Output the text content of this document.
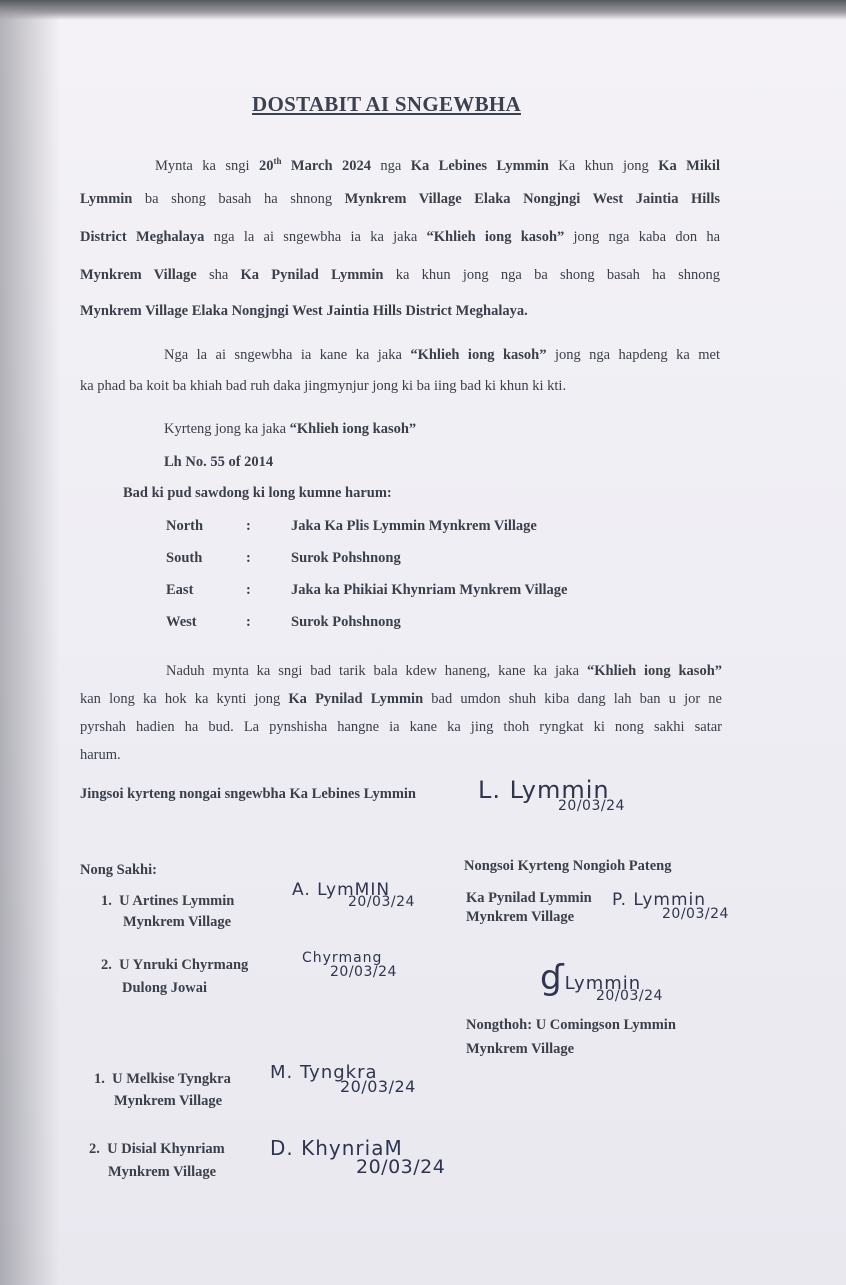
DOSTABIT AI SNGEWBHA
Mynta ka sngi 20th March 2024 nga Ka Lebines Lymmin Ka khun jong Ka Mikil
Lymmin ba shong basah ha shnong Mynkrem Village Elaka Nongjngi West Jaintia Hills
District Meghalaya nga la ai sngewbha ia ka jaka “Khlieh iong kasoh” jong nga kaba don ha
Mynkrem Village sha Ka Pynilad Lymmin ka khun jong nga ba shong basah ha shnong
Mynkrem Village Elaka Nongjngi West Jaintia Hills District Meghalaya.
Nga la ai sngewbha ia kane ka jaka “Khlieh iong kasoh” jong nga hapdeng ka met
ka phad ba koit ba khiah bad ruh daka jingmynjur jong ki ba iing bad ki khun ki kti.
Kyrteng jong ka jaka “Khlieh iong kasoh”
Lh No. 55 of 2014
Bad ki pud sawdong ki long kumne harum:
North	:	Jaka Ka Plis Lymmin Mynkrem Village
South	:	Surok Pohshnong
East	:	Jaka ka Phikiai Khynriam Mynkrem Village
West	:	Surok Pohshnong
Naduh mynta ka sngi bad tarik bala kdew haneng, kane ka jaka “Khlieh iong kasoh”
kan long ka hok ka kynti jong Ka Pynilad Lymmin bad umdon shuh kiba dang lah ban u jor ne
pyrshah hadien ha bud. La pynshisha hangne ia kane ka jing thoh ryngkat ki nong sakhi satar
harum.
Jingsoi kyrteng nongai sngewbha Ka Lebines Lymmin	L. Lymmin
20/03/24
Nong Sakhi:	Nongsoi Kyrteng Nongioh Pateng
1. U Artines Lymmin
Mynkrem Village
A. LymMIN
20/03/24	Ka Pynilad Lymmin
Mynkrem Village
P. Lymmin
20/03/24
2. U Ynruki Chyrmang
Dulong Jowai
Chyrmang
20/03/24	ɠLymmin
20/03/24
Nongthoh: U Comingson Lymmin
Mynkrem Village
1. U Melkise Tyngkra
Mynkrem Village
M. Tyngkra
20/03/24
2. U Disial Khynriam
Mynkrem Village
D. KhynriaM
20/03/24
